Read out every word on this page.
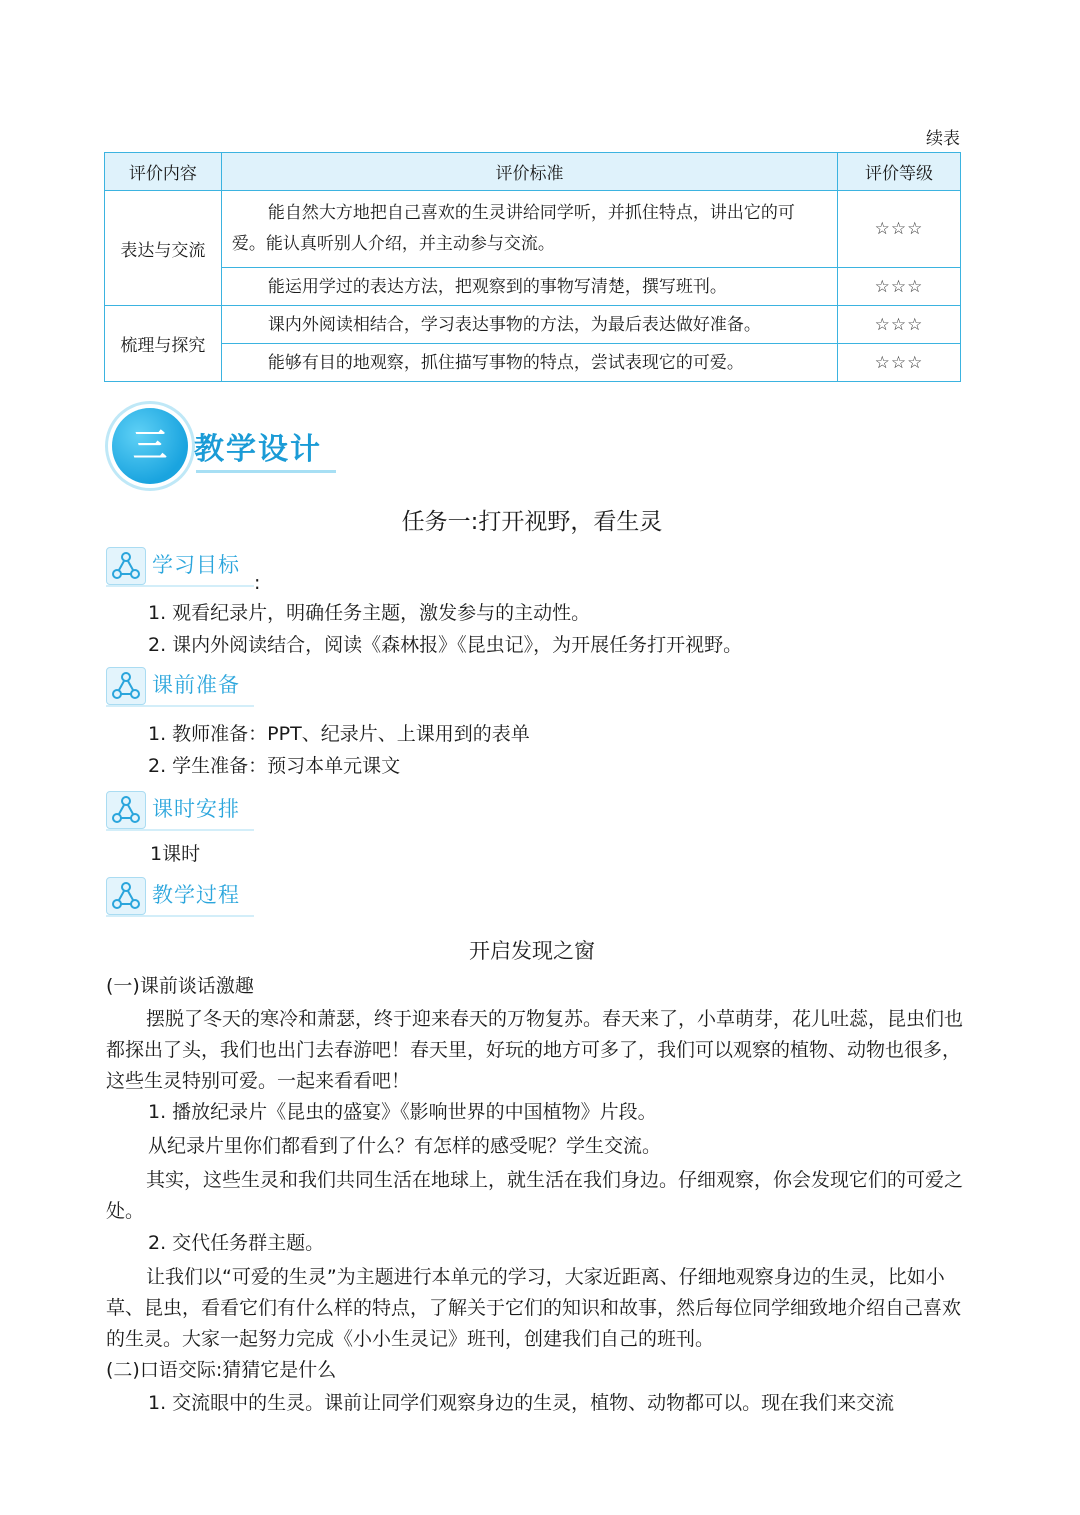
续表
评价内容	评价标准	评价等级
表达与交流	能自然大方地把自己喜欢的生灵讲给同学听，并抓住特点，讲出它的可爱。能认真听别人介绍，并主动参与交流。	☆☆☆
	能运用学过的表达方法，把观察到的事物写清楚，撰写班刊。	☆☆☆
梳理与探究	课内外阅读相结合，学习表达事物的方法，为最后表达做好准备。	☆☆☆
	能够有目的地观察，抓住描写事物的特点，尝试表现它的可爱。	☆☆☆
三 教学设计
任务一:打开视野，看生灵
学习目标
:
1. 观看纪录片，明确任务主题，激发参与的主动性。
2. 课内外阅读结合，阅读《森林报》《昆虫记》，为开展任务打开视野。
课前准备
1. 教师准备：PPT、纪录片、上课用到的表单
2. 学生准备：预习本单元课文
课时安排
1课时
教学过程
开启发现之窗
(一)课前谈话激趣
摆脱了冬天的寒冷和萧瑟，终于迎来春天的万物复苏。春天来了，小草萌芽，花儿吐蕊，昆虫们也都探出了头，我们也出门去春游吧！春天里，好玩的地方可多了，我们可以观察的植物、动物也很多，这些生灵特别可爱。一起来看看吧！
1. 播放纪录片《昆虫的盛宴》《影响世界的中国植物》片段。
从纪录片里你们都看到了什么？有怎样的感受呢？学生交流。
其实，这些生灵和我们共同生活在地球上，就生活在我们身边。仔细观察，你会发现它们的可爱之处。
2. 交代任务群主题。
让我们以“可爱的生灵”为主题进行本单元的学习，大家近距离、仔细地观察身边的生灵，比如小草、昆虫，看看它们有什么样的特点，了解关于它们的知识和故事，然后每位同学细致地介绍自己喜欢的生灵。大家一起努力完成《小小生灵记》班刊，创建我们自己的班刊。
(二)口语交际:猜猜它是什么
1. 交流眼中的生灵。课前让同学们观察身边的生灵，植物、动物都可以。现在我们来交流
